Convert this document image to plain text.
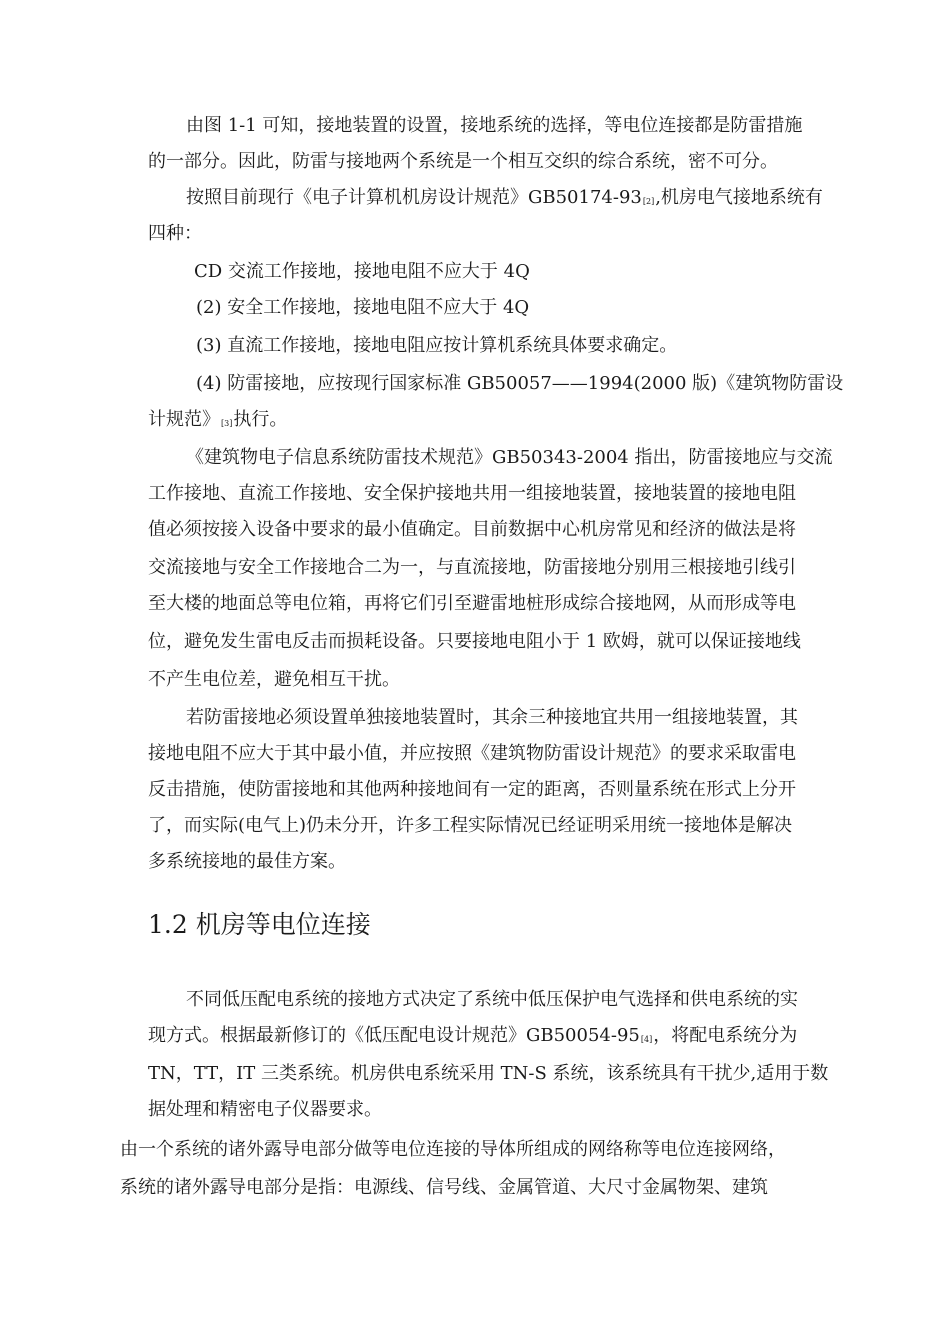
由图 1-1 可知，接地装置的设置，接地系统的选择，等电位连接都是防雷措施
的一部分。因此，防雷与接地两个系统是一个相互交织的综合系统，密不可分。
按照目前现行《电子计算机机房设计规范》$GB50174-93_{[2]}$,机房电气接地系统有
四种：
CD 交流工作接地，接地电阻不应大于 4Q
(2) 安全工作接地，接地电阻不应大于 4Q
(3) 直流工作接地，接地电阻应按计算机系统具体要求确定。
(4) 防雷接地，应按现行国家标准 GB50057——1994(2000 版)《建筑物防雷设
计规范》$_{[3]}$执行。
《建筑物电子信息系统防雷技术规范》GB50343-2004 指出，防雷接地应与交流
工作接地、直流工作接地、安全保护接地共用一组接地装置，接地装置的接地电阻
值必须按接入设备中要求的最小值确定。目前数据中心机房常见和经济的做法是将
交流接地与安全工作接地合二为一，与直流接地，防雷接地分别用三根接地引线引
至大楼的地面总等电位箱，再将它们引至避雷地桩形成综合接地网，从而形成等电
位，避免发生雷电反击而损耗设备。只要接地电阻小于 1 欧姆，就可以保证接地线
不产生电位差，避免相互干扰。
若防雷接地必须设置单独接地装置时，其余三种接地宜共用一组接地装置，其
接地电阻不应大于其中最小值，并应按照《建筑物防雷设计规范》的要求采取雷电
反击措施，使防雷接地和其他两种接地间有一定的距离，否则量系统在形式上分开
了，而实际(电气上)仍未分开，许多工程实际情况已经证明采用统一接地体是解决
多系统接地的最佳方案。
1.2 机房等电位连接
不同低压配电系统的接地方式决定了系统中低压保护电气选择和供电系统的实
现方式。根据最新修订的《低压配电设计规范》$GB50054-95_{[4]}$，将配电系统分为
TN，TT，IT 三类系统。机房供电系统采用 TN-S 系统，该系统具有干扰少,适用于数
据处理和精密电子仪器要求。
由一个系统的诸外露导电部分做等电位连接的导体所组成的网络称等电位连接网络，
系统的诸外露导电部分是指：电源线、信号线、金属管道、大尺寸金属物架、建筑
